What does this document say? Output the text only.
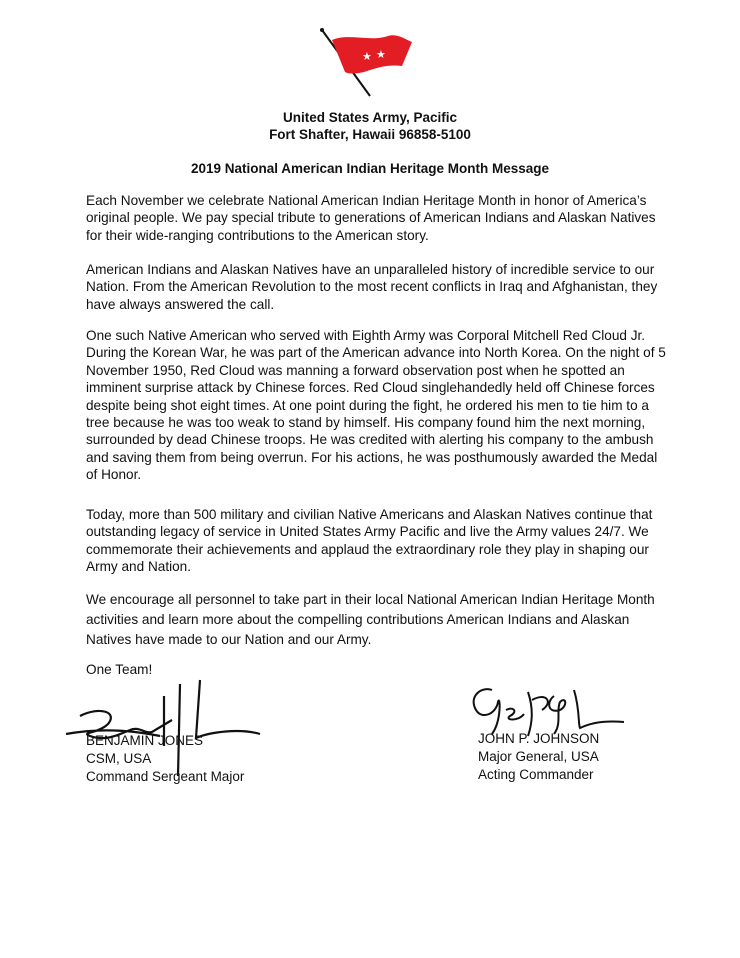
★ ★
United States Army, Pacific
Fort Shafter, Hawaii 96858-5100
2019 National American Indian Heritage Month Message

Each November we celebrate National American Indian Heritage Month in honor of America’s original people. We pay special tribute to generations of American Indians and Alaskan Natives for their wide-ranging contributions to the American story.

American Indians and Alaskan Natives have an unparalleled history of incredible service to our Nation. From the American Revolution to the most recent conflicts in Iraq and Afghanistan, they have always answered the call.

One such Native American who served with Eighth Army was Corporal Mitchell Red Cloud Jr. During the Korean War, he was part of the American advance into North Korea. On the night of 5 November 1950, Red Cloud was manning a forward observation post when he spotted an imminent surprise attack by Chinese forces. Red Cloud singlehandedly held off Chinese forces despite being shot eight times. At one point during the fight, he ordered his men to tie him to a tree because he was too weak to stand by himself. His company found him the next morning, surrounded by dead Chinese troops. He was credited with alerting his company to the ambush and saving them from being overrun. For his actions, he was posthumously awarded the Medal of Honor.

Today, more than 500 military and civilian Native Americans and Alaskan Natives continue that outstanding legacy of service in United States Army Pacific and live the Army values 24/7. We commemorate their achievements and applaud the extraordinary role they play in shaping our Army and Nation.

We encourage all personnel to take part in their local National American Indian Heritage Month activities and learn more about the compelling contributions American Indians and Alaskan Natives have made to our Nation and our Army.

One Team!

BENJAMIN JONES
CSM, USA
Command Sergeant Major
JOHN P. JOHNSON
Major General, USA
Acting Commander
